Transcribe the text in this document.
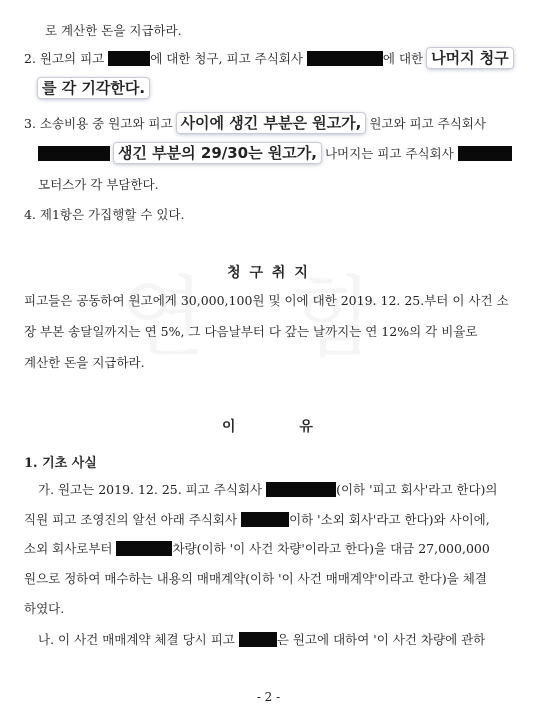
로 계산한 돈을 지급하라.
2. 원고의 피고	에 대한 청구, 피고 주식회사	에 대한 나머지 청구
를 각 기각한다.
3. 소송비용 중 원고와 피고 사이에 생긴 부분은 원고가, 원고와 피고 주식회사
생긴 부분의 29/30는 원고가, 나머지는 피고 주식회사
모터스가 각 부담한다.
4. 제1항은 가집행할 수 있다.
청 구 취 지
피고들은 공동하여 원고에게 30,000,100원 및 이에 대한 2019. 12. 25.부터 이 사건 소
장 부본 송달일까지는 연 5%, 그 다음날부터 다 갚는 날까지는 연 12%의 각 비율로
계산한 돈을 지급하라.
이         유
1. 기초 사실
가. 원고는 2019. 12. 25. 피고 주식회사	(이하 '피고 회사'라고 한다)의
직원 피고 조영진의 알선 아래 주식회사	이하 '소외 회사'라고 한다)와 사이에,
소외 회사로부터	차량(이하 '이 사건 차량'이라고 한다)을 대금 27,000,000
원으로 정하여 매수하는 내용의 매매계약(이하 '이 사건 매매계약'이라고 한다)을 체결
하였다.
나. 이 사건 매매계약 체결 당시 피고	은 원고에 대하여 '이 사건 차량에 관하
- 2 -
